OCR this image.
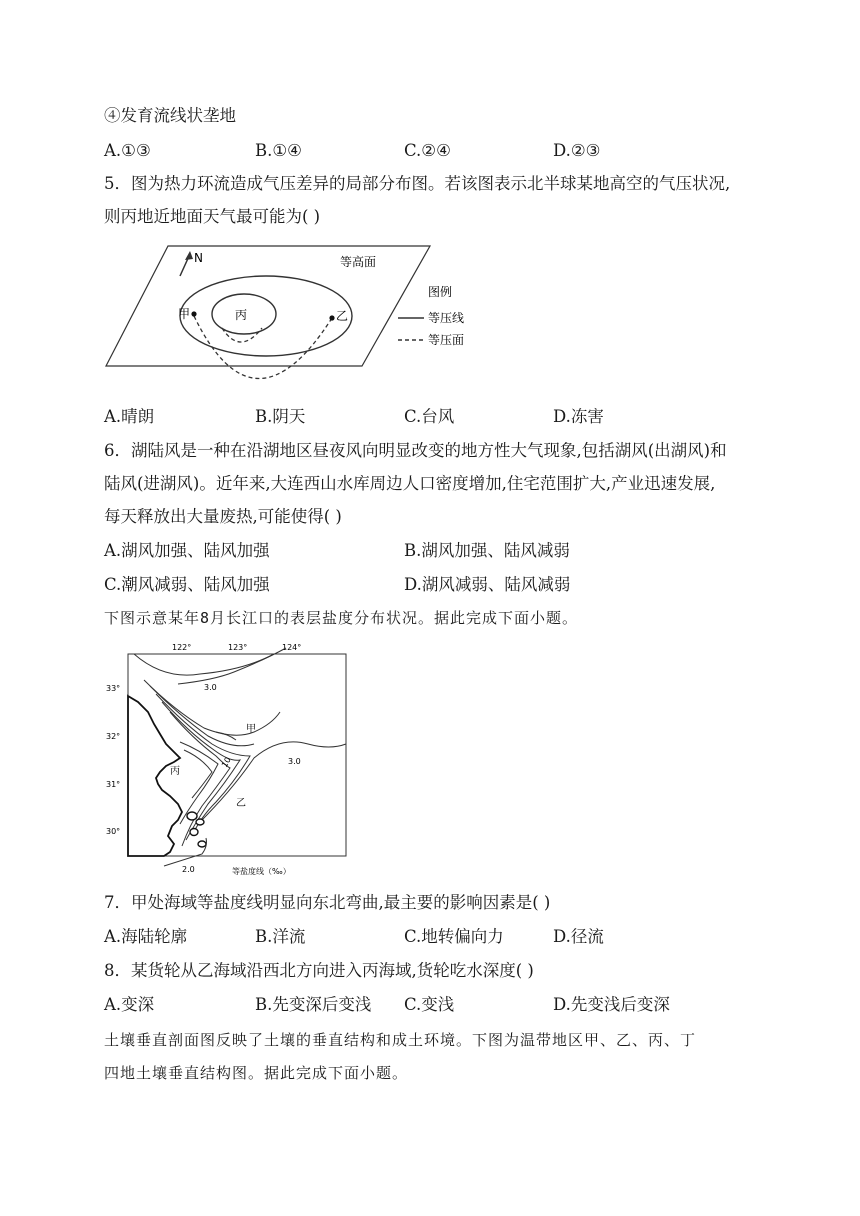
④发育流线状垄地
A.①③	B.①④	C.②④	D.②③
5．图为热力环流造成气压差异的局部分布图。若该图表示北半球某地高空的气压状况,
则丙地近地面天气最可能为( )
N	等高面
甲	乙
丙
图例
等压线
等压面
A.晴朗	B.阴天	C.台风	D.冻害
6．湖陆风是一种在沿湖地区昼夜风向明显改变的地方性大气现象,包括湖风(出湖风)和
陆风(进湖风)。近年来,大连西山水库周边人口密度增加,住宅范围扩大,产业迅速发展,
每天释放出大量废热,可能使得( )
A.湖风加强、陆风加强	B.湖风加强、陆风减弱
C.潮风减弱、陆风加强	D.湖风减弱、陆风减弱
下图示意某年8月长江口的表层盐度分布状况。据此完成下面小题。
122°	123°	124°
33°
32°
31°
30°
3.0
3.0
10
甲
乙
丙
2.0	等盐度线（‰）
7．甲处海域等盐度线明显向东北弯曲,最主要的影响因素是( )
A.海陆轮廓	B.洋流	C.地转偏向力	D.径流
8．某货轮从乙海域沿西北方向进入丙海域,货轮吃水深度( )
A.变深	B.先变深后变浅 C.变浅	D.先变浅后变深
土壤垂直剖面图反映了土壤的垂直结构和成土环境。下图为温带地区甲、乙、丙、丁
四地土壤垂直结构图。据此完成下面小题。
